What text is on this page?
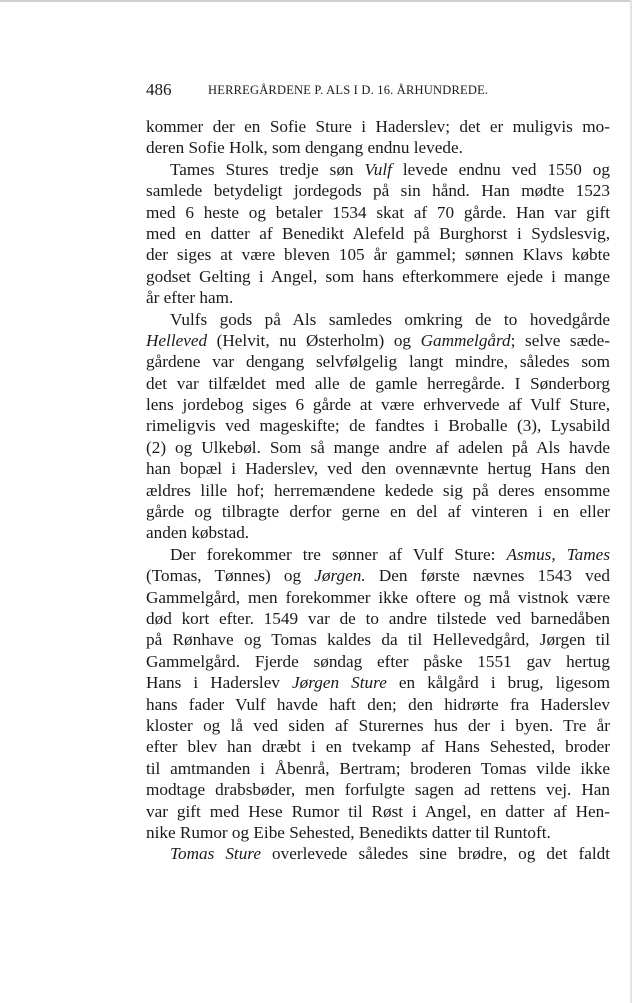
486	HERREGÅRDENE P. ALS I D. 16. ÅRHUNDREDE.
kommer der en Sofie Sture i Haderslev; det er muligvis mo-
deren Sofie Holk, som dengang endnu levede.
Tames Stures tredje søn Vulf levede endnu ved 1550 og
samlede betydeligt jordegods på sin hånd. Han mødte 1523
med 6 heste og betaler 1534 skat af 70 gårde. Han var gift
med en datter af Benedikt Alefeld på Burghorst i Sydslesvig,
der siges at være bleven 105 år gammel; sønnen Klavs købte
godset Gelting i Angel, som hans efterkommere ejede i mange
år efter ham.
Vulfs gods på Als samledes omkring de to hovedgårde
Helleved (Helvit, nu Østerholm) og Gammelgård; selve sæde-
gårdene var dengang selvfølgelig langt mindre, således som
det var tilfældet med alle de gamle herregårde. I Sønderborg
lens jordebog siges 6 gårde at være erhvervede af Vulf Sture,
rimeligvis ved mageskifte; de fandtes i Broballe (3), Lysabild
(2) og Ulkebøl. Som så mange andre af adelen på Als havde
han bopæl i Haderslev, ved den ovennævnte hertug Hans den
ældres lille hof; herremændene kedede sig på deres ensomme
gårde og tilbragte derfor gerne en del af vinteren i en eller
anden købstad.
Der forekommer tre sønner af Vulf Sture: Asmus, Tames
(Tomas, Tønnes) og Jørgen. Den første nævnes 1543 ved
Gammelgård, men forekommer ikke oftere og må vistnok være
død kort efter. 1549 var de to andre tilstede ved barnedåben
på Rønhave og Tomas kaldes da til Hellevedgård, Jørgen til
Gammelgård. Fjerde søndag efter påske 1551 gav hertug
Hans i Haderslev Jørgen Sture en kålgård i brug, ligesom
hans fader Vulf havde haft den; den hidrørte fra Haderslev
kloster og lå ved siden af Sturernes hus der i byen. Tre år
efter blev han dræbt i en tvekamp af Hans Sehested, broder
til amtmanden i Åbenrå, Bertram; broderen Tomas vilde ikke
modtage drabsbøder, men forfulgte sagen ad rettens vej. Han
var gift med Hese Rumor til Røst i Angel, en datter af Hen-
nike Rumor og Eibe Sehested, Benedikts datter til Runtoft.
Tomas Sture overlevede således sine brødre, og det faldt
